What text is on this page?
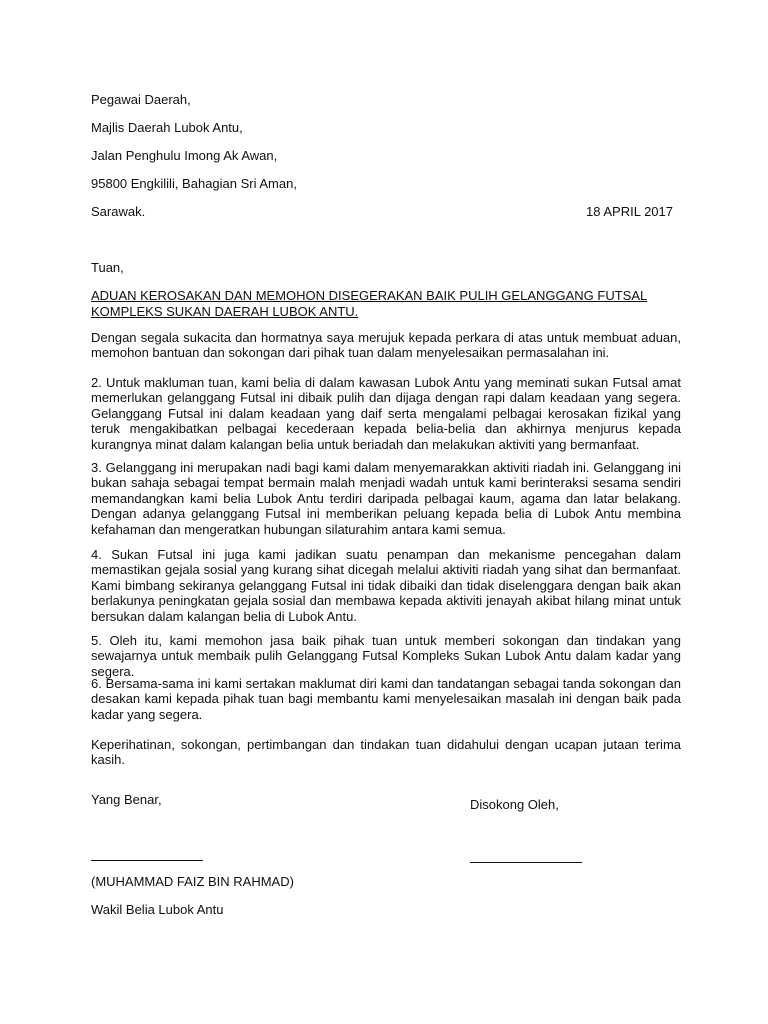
Pegawai Daerah,
Majlis Daerah Lubok Antu,
Jalan Penghulu Imong Ak Awan,
95800 Engkilili, Bahagian Sri Aman,
Sarawak.	18 APRIL 2017
Tuan,
ADUAN KEROSAKAN DAN MEMOHON DISEGERAKAN BAIK PULIH GELANGGANG FUTSAL KOMPLEKS SUKAN DAERAH LUBOK ANTU.
Dengan segala sukacita dan hormatnya saya merujuk kepada perkara di atas untuk membuat aduan, memohon bantuan dan sokongan dari pihak tuan dalam menyelesaikan permasalahan ini.
2. Untuk makluman tuan, kami belia di dalam kawasan Lubok Antu yang meminati sukan Futsal amat memerlukan gelanggang Futsal ini dibaik pulih dan dijaga dengan rapi dalam keadaan yang segera. Gelanggang Futsal ini dalam keadaan yang daif serta mengalami pelbagai kerosakan fizikal yang teruk mengakibatkan pelbagai kecederaan kepada belia-belia dan akhirnya menjurus kepada kurangnya minat dalam kalangan belia untuk beriadah dan melakukan aktiviti yang bermanfaat.
3. Gelanggang ini merupakan nadi bagi kami dalam menyemarakkan aktiviti riadah ini. Gelanggang ini bukan sahaja sebagai tempat bermain malah menjadi wadah untuk kami berinteraksi sesama sendiri memandangkan kami belia Lubok Antu terdiri daripada pelbagai kaum, agama dan latar belakang. Dengan adanya gelanggang Futsal ini memberikan peluang kepada belia di Lubok Antu membina kefahaman dan mengeratkan hubungan silaturahim antara kami semua.
4. Sukan Futsal ini juga kami jadikan suatu penampan dan mekanisme pencegahan dalam memastikan gejala sosial yang kurang sihat dicegah melalui aktiviti riadah yang sihat dan bermanfaat. Kami bimbang sekiranya gelanggang Futsal ini tidak dibaiki dan tidak diselenggara dengan baik akan berlakunya peningkatan gejala sosial dan membawa kepada aktiviti jenayah akibat hilang minat untuk bersukan dalam kalangan belia di Lubok Antu.
5. Oleh itu, kami memohon jasa baik pihak tuan untuk memberi sokongan dan tindakan yang sewajarnya untuk membaik pulih Gelanggang Futsal Kompleks Sukan Lubok Antu dalam kadar yang segera.
6. Bersama-sama ini kami sertakan maklumat diri kami dan tandatangan sebagai tanda sokongan dan desakan kami kepada pihak tuan bagi membantu kami menyelesaikan masalah ini dengan baik pada kadar yang segera.
Keperihatinan, sokongan, pertimbangan dan tindakan tuan didahului dengan ucapan jutaan terima kasih.
Yang Benar,	Disokong Oleh,
(MUHAMMAD FAIZ BIN RAHMAD)
Wakil Belia Lubok Antu
